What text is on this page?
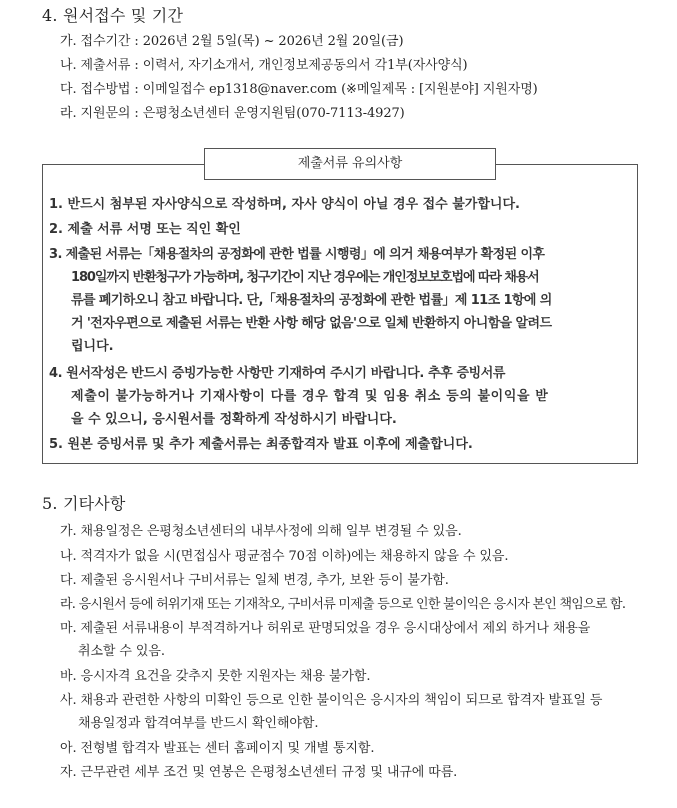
4. 원서접수 및 기간

가. 접수기간 : 2026년 2월 5일(목) ~ 2026년 2월 20일(금)

나. 제출서류 : 이력서, 자기소개서, 개인정보제공동의서 각1부(자사양식)

다. 접수방법 : 이메일접수 ep1318@naver.com (※메일제목 : [지원분야] 지원자명)

라. 지원문의 : 은평청소년센터 운영지원팀(070-7113-4927)

1. 반드시 첨부된 자사양식으로 작성하며, 자사 양식이 아닐 경우 접수 불가합니다.

2. 제출 서류 서명 또는 직인 확인

3. 제출된 서류는「채용절차의 공정화에 관한 법률 시행령」에 의거 채용여부가 확정된 이후

180일까지 반환청구가 가능하며, 청구기간이 지난 경우에는 개인정보보호법에 따라 채용서

류를 폐기하오니 참고 바랍니다. 단,「채용절차의 공정화에 관한 법률」제 11조 1항에 의

거 '전자우편으로 제출된 서류는 반환 사항 해당 없음'으로 일체 반환하지 아니함을 알려드

립니다.

4. 원서작성은 반드시 증빙가능한 사항만 기재하여 주시기 바랍니다. 추후 증빙서류

제출이 불가능하거나 기재사항이 다를 경우 합격 및 임용 취소 등의 불이익을 받

을 수 있으니, 응시원서를 정확하게 작성하시기 바랍니다.

5. 원본 증빙서류 및 추가 제출서류는 최종합격자 발표 이후에 제출합니다.

제출서류 유의사항
5. 기타사항

가. 채용일정은 은평청소년센터의 내부사정에 의해 일부 변경될 수 있음.

나. 적격자가 없을 시(면접심사 평균점수 70점 이하)에는 채용하지 않을 수 있음.

다. 제출된 응시원서나 구비서류는 일체 변경, 추가, 보완 등이 불가함.

라. 응시원서 등에 허위기재 또는 기재착오, 구비서류 미제출 등으로 인한 불이익은 응시자 본인 책임으로 함.

마. 제출된 서류내용이 부적격하거나 허위로 판명되었을 경우 응시대상에서 제외 하거나 채용을

취소할 수 있음.

바. 응시자격 요건을 갖추지 못한 지원자는 채용 불가함.

사. 채용과 관련한 사항의 미확인 등으로 인한 불이익은 응시자의 책임이 되므로 합격자 발표일 등

채용일정과 합격여부를 반드시 확인해야함.

아. 전형별 합격자 발표는 센터 홈페이지 및 개별 통지함.

자. 근무관련 세부 조건 및 연봉은 은평청소년센터 규정 및 내규에 따름.
